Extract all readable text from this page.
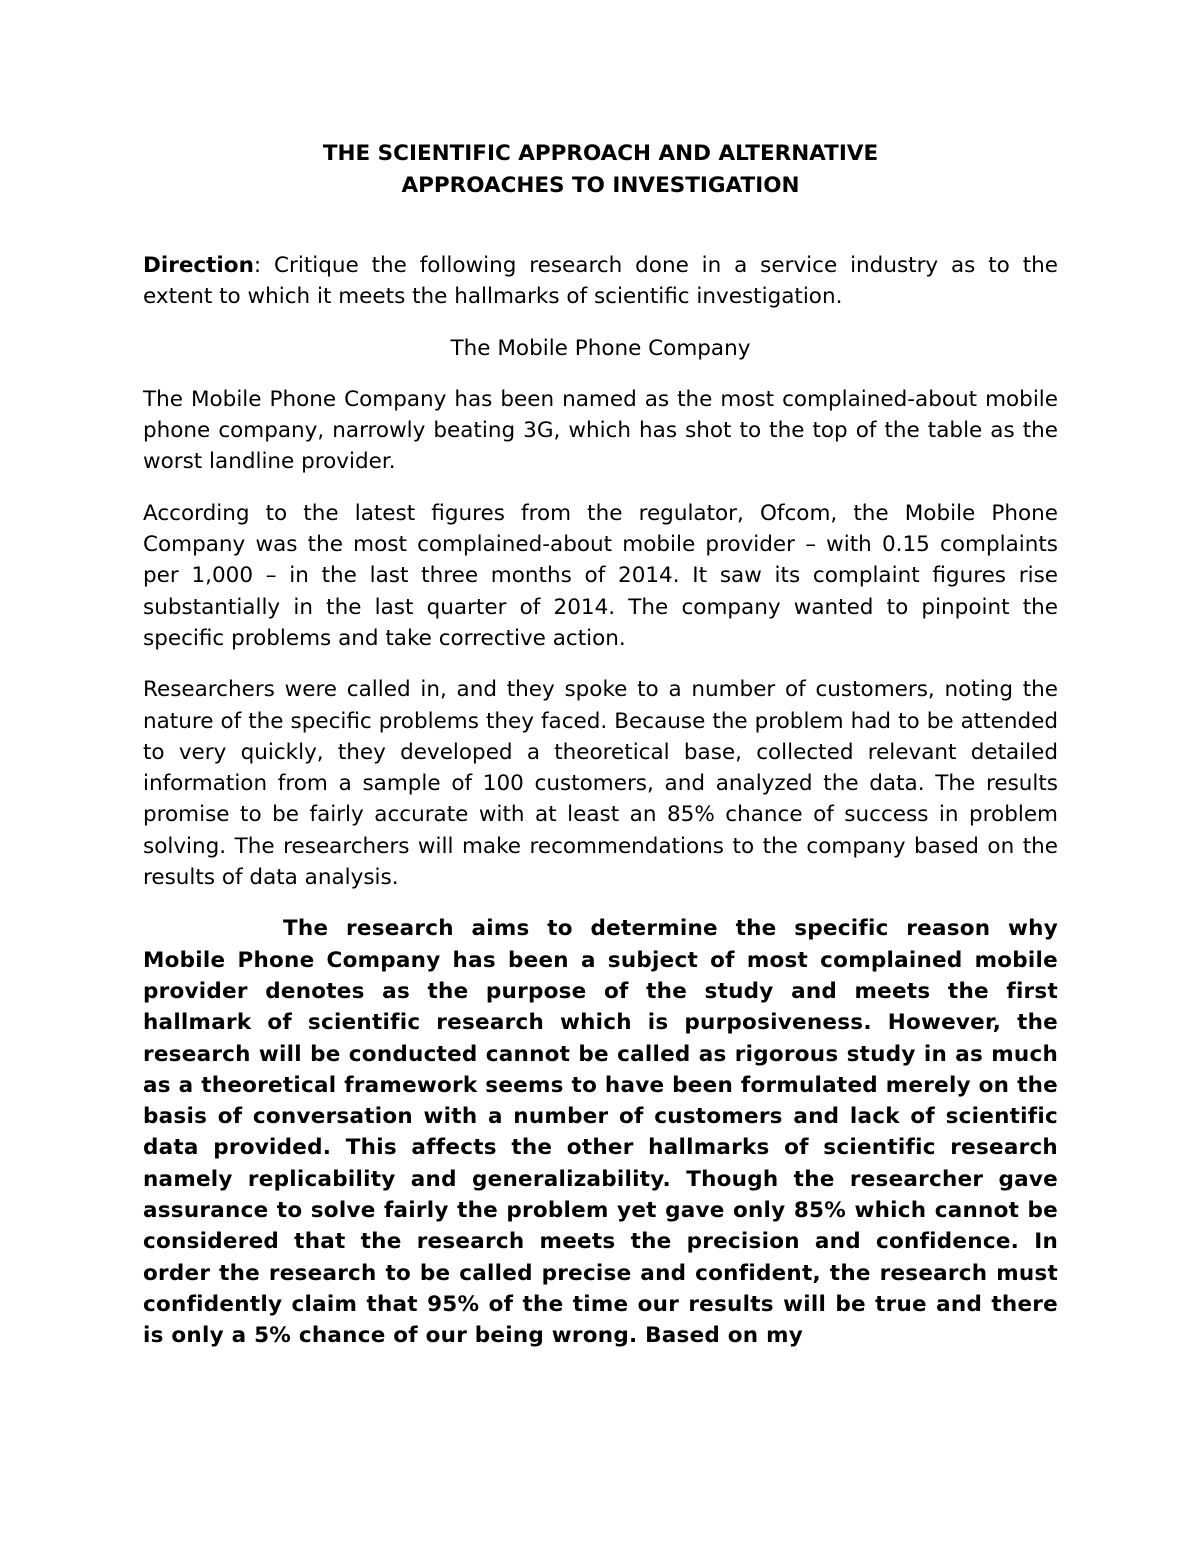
THE SCIENTIFIC APPROACH AND ALTERNATIVE
APPROACHES TO INVESTIGATION

Direction: Critique the following research done in a service industry as to the extent to which it meets the hallmarks of scientific investigation.

The Mobile Phone Company

The Mobile Phone Company has been named as the most complained-about mobile phone company, narrowly beating 3G, which has shot to the top of the table as the worst landline provider.

According to the latest figures from the regulator, Ofcom, the Mobile Phone Company was the most complained-about mobile provider – with 0.15 complaints per 1,000 – in the last three months of 2014. It saw its complaint figures rise substantially in the last quarter of 2014. The company wanted to pinpoint the specific problems and take corrective action.

Researchers were called in, and they spoke to a number of customers, noting the nature of the specific problems they faced. Because the problem had to be attended to very quickly, they developed a theoretical base, collected relevant detailed information from a sample of 100 customers, and analyzed the data. The results promise to be fairly accurate with at least an 85% chance of success in problem solving. The researchers will make recommendations to the company based on the results of data analysis.

The research aims to determine the specific reason why Mobile Phone Company has been a subject of most complained mobile provider denotes as the purpose of the study and meets the first hallmark of scientific research which is purposiveness. However, the research will be conducted cannot be called as rigorous study in as much as a theoretical framework seems to have been formulated merely on the basis of conversation with a number of customers and lack of scientific data provided. This affects the other hallmarks of scientific research namely replicability and generalizability. Though the researcher gave assurance to solve fairly the problem yet gave only 85% which cannot be considered that the research meets the precision and confidence. In order the research to be called precise and confident, the research must confidently claim that 95% of the time our results will be true and there is only a 5% chance of our being wrong. Based on my
